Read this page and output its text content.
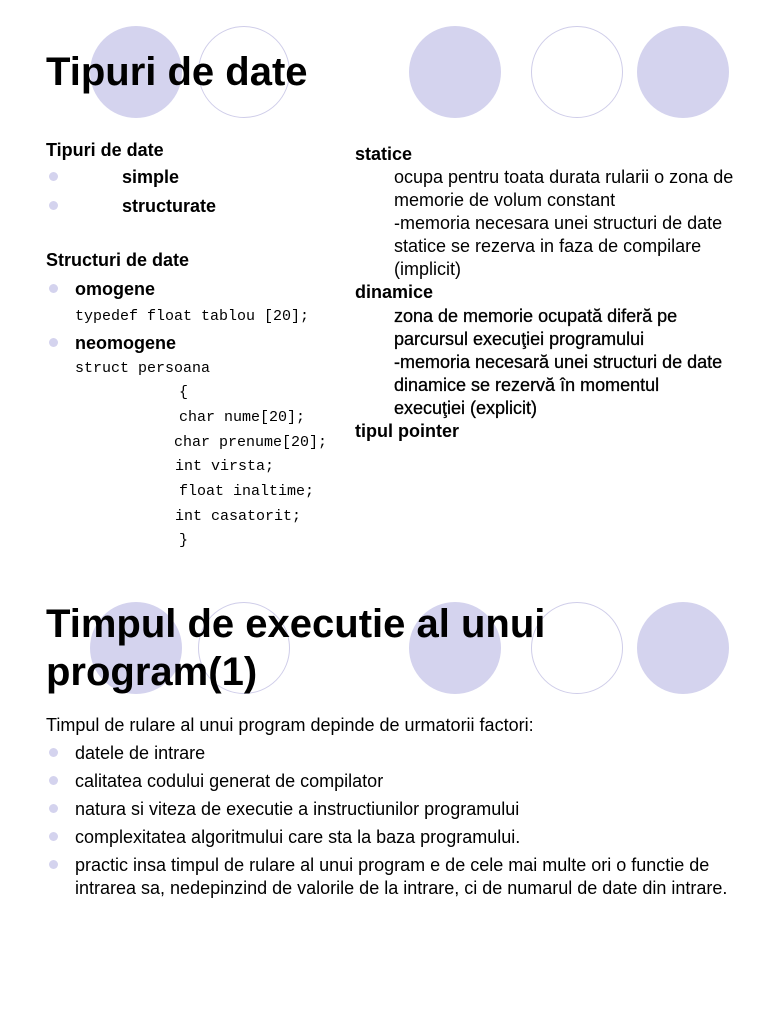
Tipuri de date
Tipuri de date
simple
structurate
Structuri de date
omogene
typedef float tablou [20];
neomogene
struct persoana
{
char nume[20];
char prenume[20];
int virsta;
float inaltime;
int casatorit;
}
statice
ocupa pentru toata durata rularii o zona de memorie de volum constant
-memoria necesara unei structuri de date statice se rezerva in faza de compilare (implicit)
dinamice
zona de memorie ocupată diferă pe parcursul execuţiei programului
-memoria necesară unei structuri de date dinamice se rezervă în momentul execuţiei (explicit)
tipul pointer
Timpul de executie al unui
program(1)
Timpul de rulare al unui program depinde de urmatorii factori:
datele de intrare
calitatea codului generat de compilator
natura si viteza de executie a instructiunilor programului
complexitatea algoritmului care sta la baza programului.
practic insa timpul de rulare al unui program e de cele mai multe ori o functie de intrarea sa, nedepinzind de valorile de la intrare, ci de numarul de date din intrare.
